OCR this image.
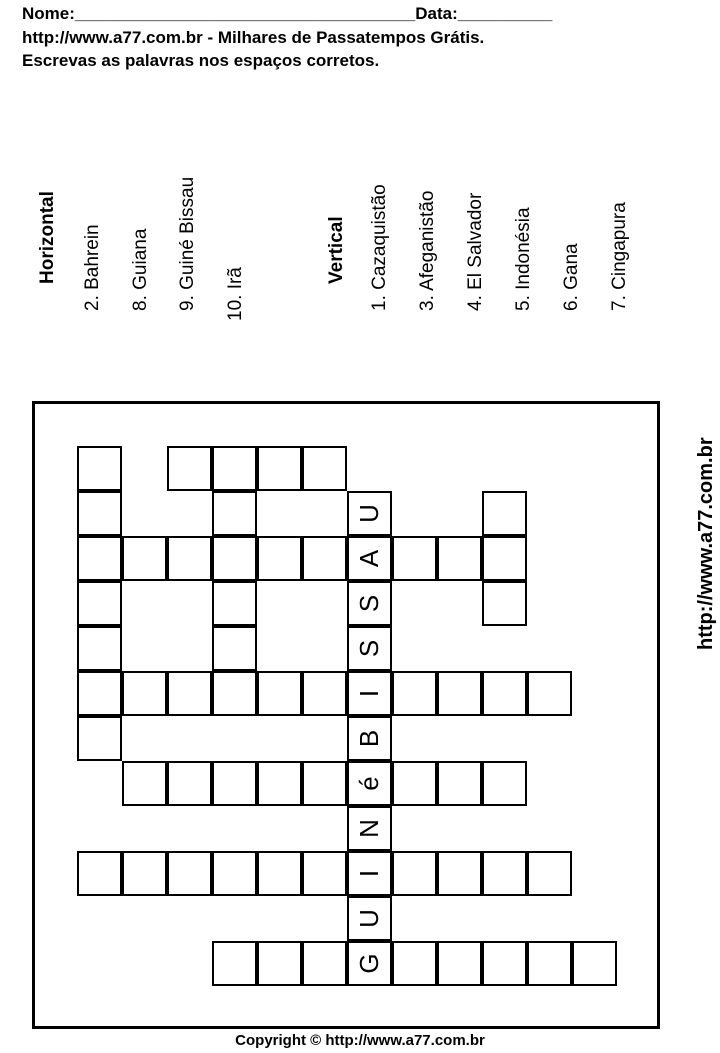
Nome:____________________________________Data:__________
http://www.a77.com.br - Milhares de Passatempos Grátis.
Escrevas as palavras nos espaços corretos.
Horizontal 2. Bahrein 8. Guiana 9. Guiné Bissau 10. Irã
Vertical 1. Cazaquistão 3. Afeganistão 4. El Salvador 5. Indonésia 6. Gana 7. Cingapura
U
A
S
S
I
B
é
N
I
U
G
http://www.a77.com.br
Copyright © http://www.a77.com.br
